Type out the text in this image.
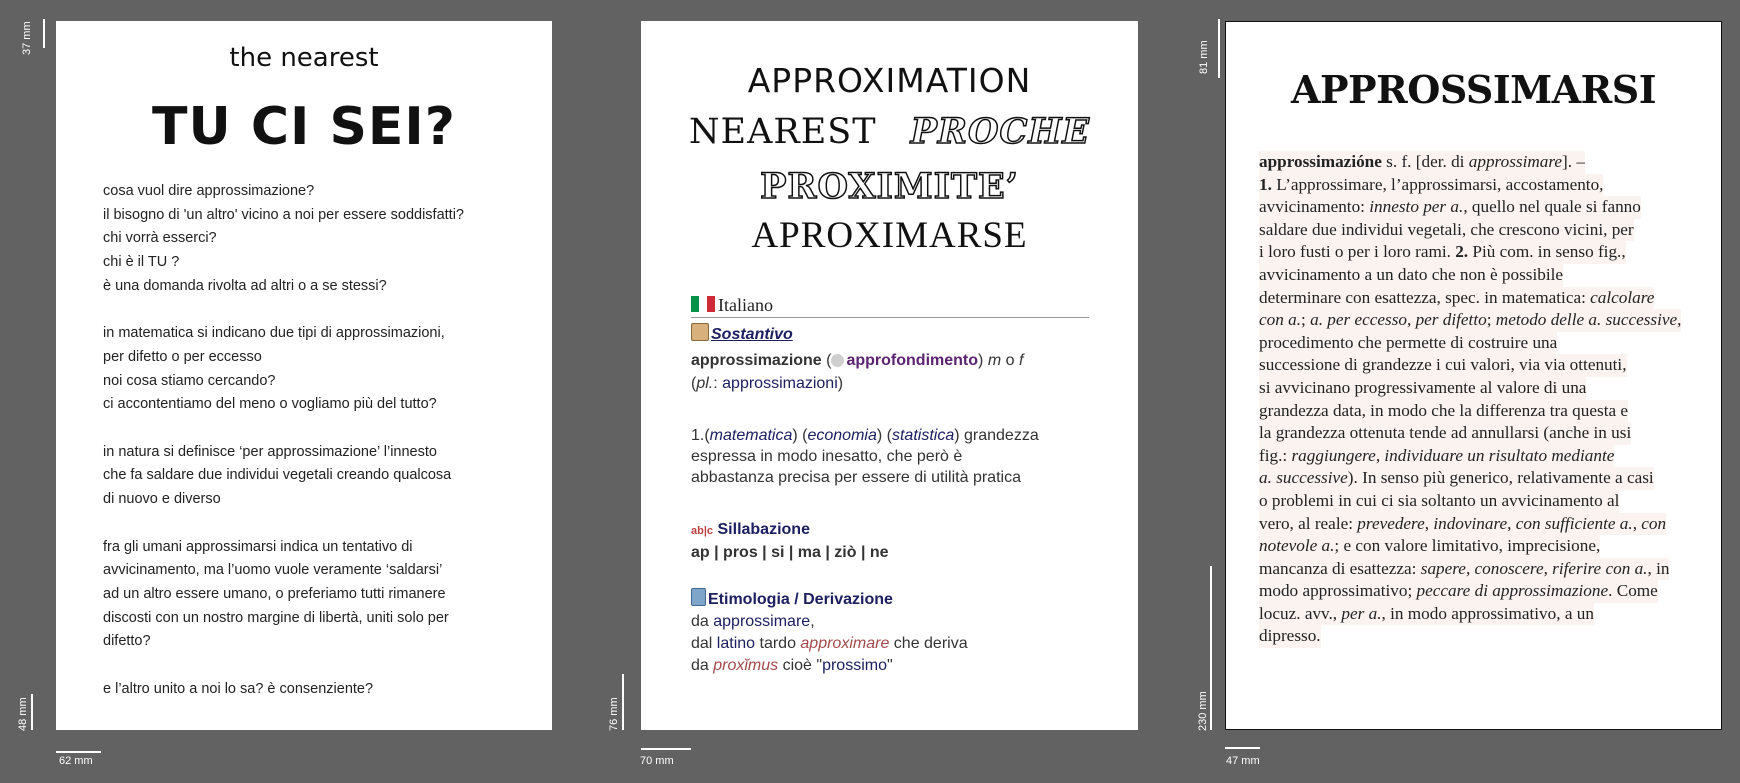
37 mm
48 mm
62 mm
76 mm
70 mm
81 mm
230 mm
47 mm
the nearest
TU CI SEI?
cosa vuol dire approssimazione?
il bisogno di 'un altro' vicino a noi per essere soddisfatti?
chi vorrà esserci?
chi è il TU ?
è una domanda rivolta ad altri o a se stessi?
in matematica si indicano due tipi di approssimazioni,
per difetto o per eccesso
noi cosa stiamo cercando?
ci accontentiamo del meno o vogliamo più del tutto?
in natura si definisce ‘per approssimazione’ l’innesto
che fa saldare due individui vegetali creando qualcosa
di nuovo e diverso
fra gli umani approssimarsi indica un tentativo di
avvicinamento, ma l’uomo vuole veramente ‘saldarsi’
ad un altro essere umano, o preferiamo tutti rimanere
discosti con un nostro margine di libertà, uniti solo per
difetto?
e l’altro unito a noi lo sa? è consenziente?
APPROXIMATION
NEAREST PROCHE
PROXIMITE’
APROXIMARSE
Italiano
Sostantivo
approssimazione ( approfondimento) m o f
(pl.: approssimazioni)
1.(matematica) (economia) (statistica) grandezza
espressa in modo inesatto, che però è
abbastanza precisa per essere di utilità pratica
ab|c Sillabazione
ap | pros | si | ma | ziò | ne
Etimologia / Derivazione
da approssimare,
dal latino tardo approximare che deriva
da proxĭmus cioè "prossimo"
APPROSSIMARSI
approssimazióne s. f. [der. di approssimare]. –
1. L’approssimare, l’approssimarsi, accostamento,
avvicinamento: innesto per a., quello nel quale si fanno
saldare due individui vegetali, che crescono vicini, per
i loro fusti o per i loro rami. 2. Più com. in senso fig.,
avvicinamento a un dato che non è possibile
determinare con esattezza, spec. in matematica: calcolare
con a.; a. per eccesso, per difetto; metodo delle a. successive,
procedimento che permette di costruire una
successione di grandezze i cui valori, via via ottenuti,
si avvicinano progressivamente al valore di una
grandezza data, in modo che la differenza tra questa e
la grandezza ottenuta tende ad annullarsi (anche in usi
fig.: raggiungere, individuare un risultato mediante
a. successive). In senso più generico, relativamente a casi
o problemi in cui ci sia soltanto un avvicinamento al
vero, al reale: prevedere, indovinare, con sufficiente a., con
notevole a.; e con valore limitativo, imprecisione,
mancanza di esattezza: sapere, conoscere, riferire con a., in
modo approssimativo; peccare di approssimazione. Come
locuz. avv., per a., in modo approssimativo, a un
dipresso.
